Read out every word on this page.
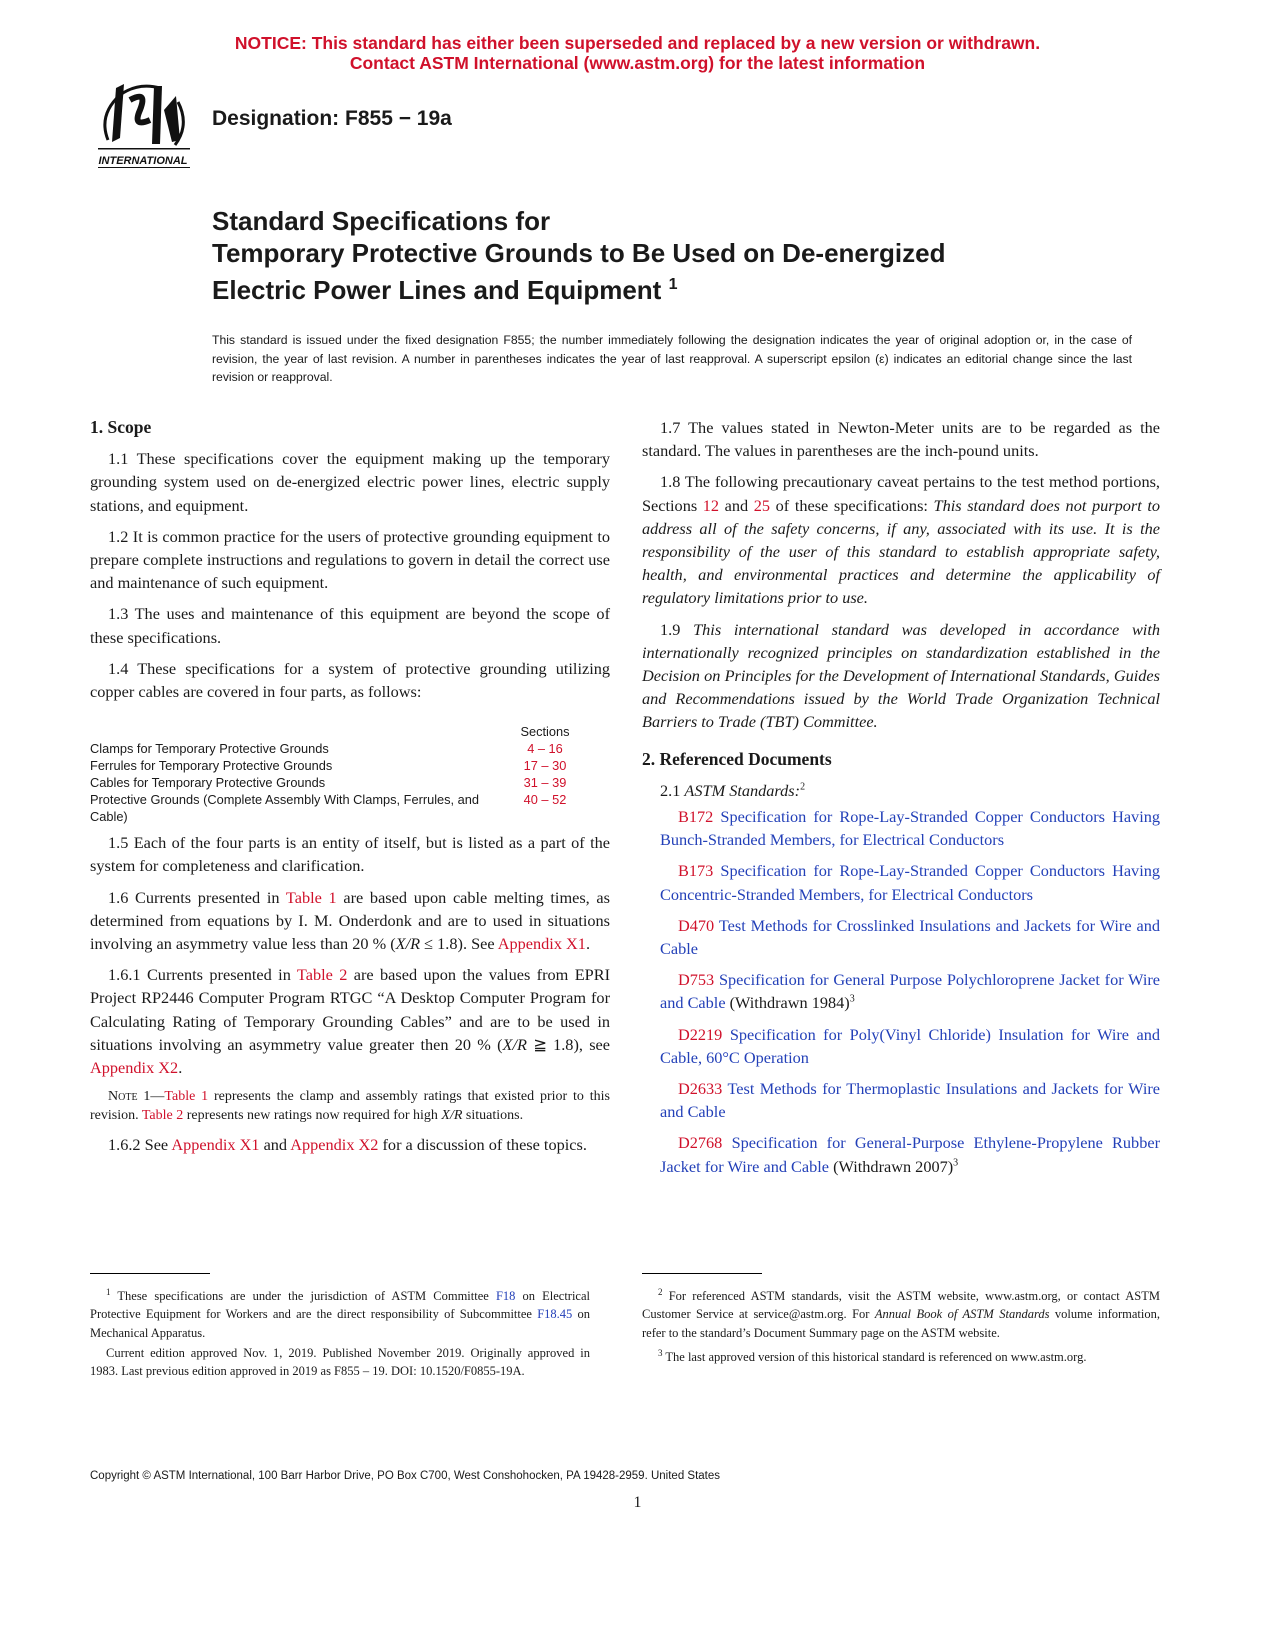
NOTICE: This standard has either been superseded and replaced by a new version or withdrawn.
Contact ASTM International (www.astm.org) for the latest information
INTERNATIONAL
Designation: F855 − 19a
Standard Specifications for
Temporary Protective Grounds to Be Used on De-energized
Electric Power Lines and Equipment $^1$
This standard is issued under the fixed designation F855; the number immediately following the designation indicates the year of original adoption or, in the case of revision, the year of last revision. A number in parentheses indicates the year of last reapproval. A superscript epsilon (ε) indicates an editorial change since the last revision or reapproval.
1. Scope

1.1 These specifications cover the equipment making up the temporary grounding system used on de-energized electric power lines, electric supply stations, and equipment.

1.2 It is common practice for the users of protective grounding equipment to prepare complete instructions and regulations to govern in detail the correct use and maintenance of such equipment.

1.3 The uses and maintenance of this equipment are beyond the scope of these specifications.

1.4 These specifications for a system of protective grounding utilizing copper cables are covered in four parts, as follows:

	Sections
Clamps for Temporary Protective Grounds	4 – 16
Ferrules for Temporary Protective Grounds	17 – 30
Cables for Temporary Protective Grounds	31 – 39
Protective Grounds (Complete Assembly With Clamps, Ferrules, and Cable)	40 – 52

1.5 Each of the four parts is an entity of itself, but is listed as a part of the system for completeness and clarification.

1.6 Currents presented in Table 1 are based upon cable melting times, as determined from equations by I. M. Onderdonk and are to used in situations involving an asymmetry value less than 20 % (X/R ≤ 1.8). See Appendix X1.

1.6.1 Currents presented in Table 2 are based upon the values from EPRI Project RP2446 Computer Program RTGC “A Desktop Computer Program for Calculating Rating of Temporary Grounding Cables” and are to be used in situations involving an asymmetry value greater then 20 % (X/R ≧ 1.8), see Appendix X2.

Note 1—Table 1 represents the clamp and assembly ratings that existed prior to this revision. Table 2 represents new ratings now required for high X/R situations.

1.6.2 See Appendix X1 and Appendix X2 for a discussion of these topics.

1.7 The values stated in Newton-Meter units are to be regarded as the standard. The values in parentheses are the inch-pound units.

1.8 The following precautionary caveat pertains to the test method portions, Sections 12 and 25 of these specifications: This standard does not purport to address all of the safety concerns, if any, associated with its use. It is the responsibility of the user of this standard to establish appropriate safety, health, and environmental practices and determine the applicability of regulatory limitations prior to use.

1.9 This international standard was developed in accordance with internationally recognized principles on standardization established in the Decision on Principles for the Development of International Standards, Guides and Recommendations issued by the World Trade Organization Technical Barriers to Trade (TBT) Committee.

2. Referenced Documents

2.1 ASTM Standards:$^2$

B172 Specification for Rope-Lay-Stranded Copper Conductors Having Bunch-Stranded Members, for Electrical Conductors

B173 Specification for Rope-Lay-Stranded Copper Conductors Having Concentric-Stranded Members, for Electrical Conductors

D470 Test Methods for Crosslinked Insulations and Jackets for Wire and Cable

D753 Specification for General Purpose Polychloroprene Jacket for Wire and Cable (Withdrawn 1984)$^3$

D2219 Specification for Poly(Vinyl Chloride) Insulation for Wire and Cable, 60°C Operation

D2633 Test Methods for Thermoplastic Insulations and Jackets for Wire and Cable

D2768 Specification for General-Purpose Ethylene-Propylene Rubber Jacket for Wire and Cable (Withdrawn 2007)$^3$

$^1$ These specifications are under the jurisdiction of ASTM Committee F18 on Electrical Protective Equipment for Workers and are the direct responsibility of Subcommittee F18.45 on Mechanical Apparatus.

Current edition approved Nov. 1, 2019. Published November 2019. Originally approved in 1983. Last previous edition approved in 2019 as F855 – 19. DOI: 10.1520/F0855-19A.

$^2$ For referenced ASTM standards, visit the ASTM website, www.astm.org, or contact ASTM Customer Service at service@astm.org. For Annual Book of ASTM Standards volume information, refer to the standard’s Document Summary page on the ASTM website.

$^3$ The last approved version of this historical standard is referenced on www.astm.org.

Copyright © ASTM International, 100 Barr Harbor Drive, PO Box C700, West Conshohocken, PA 19428-2959. United States
1
